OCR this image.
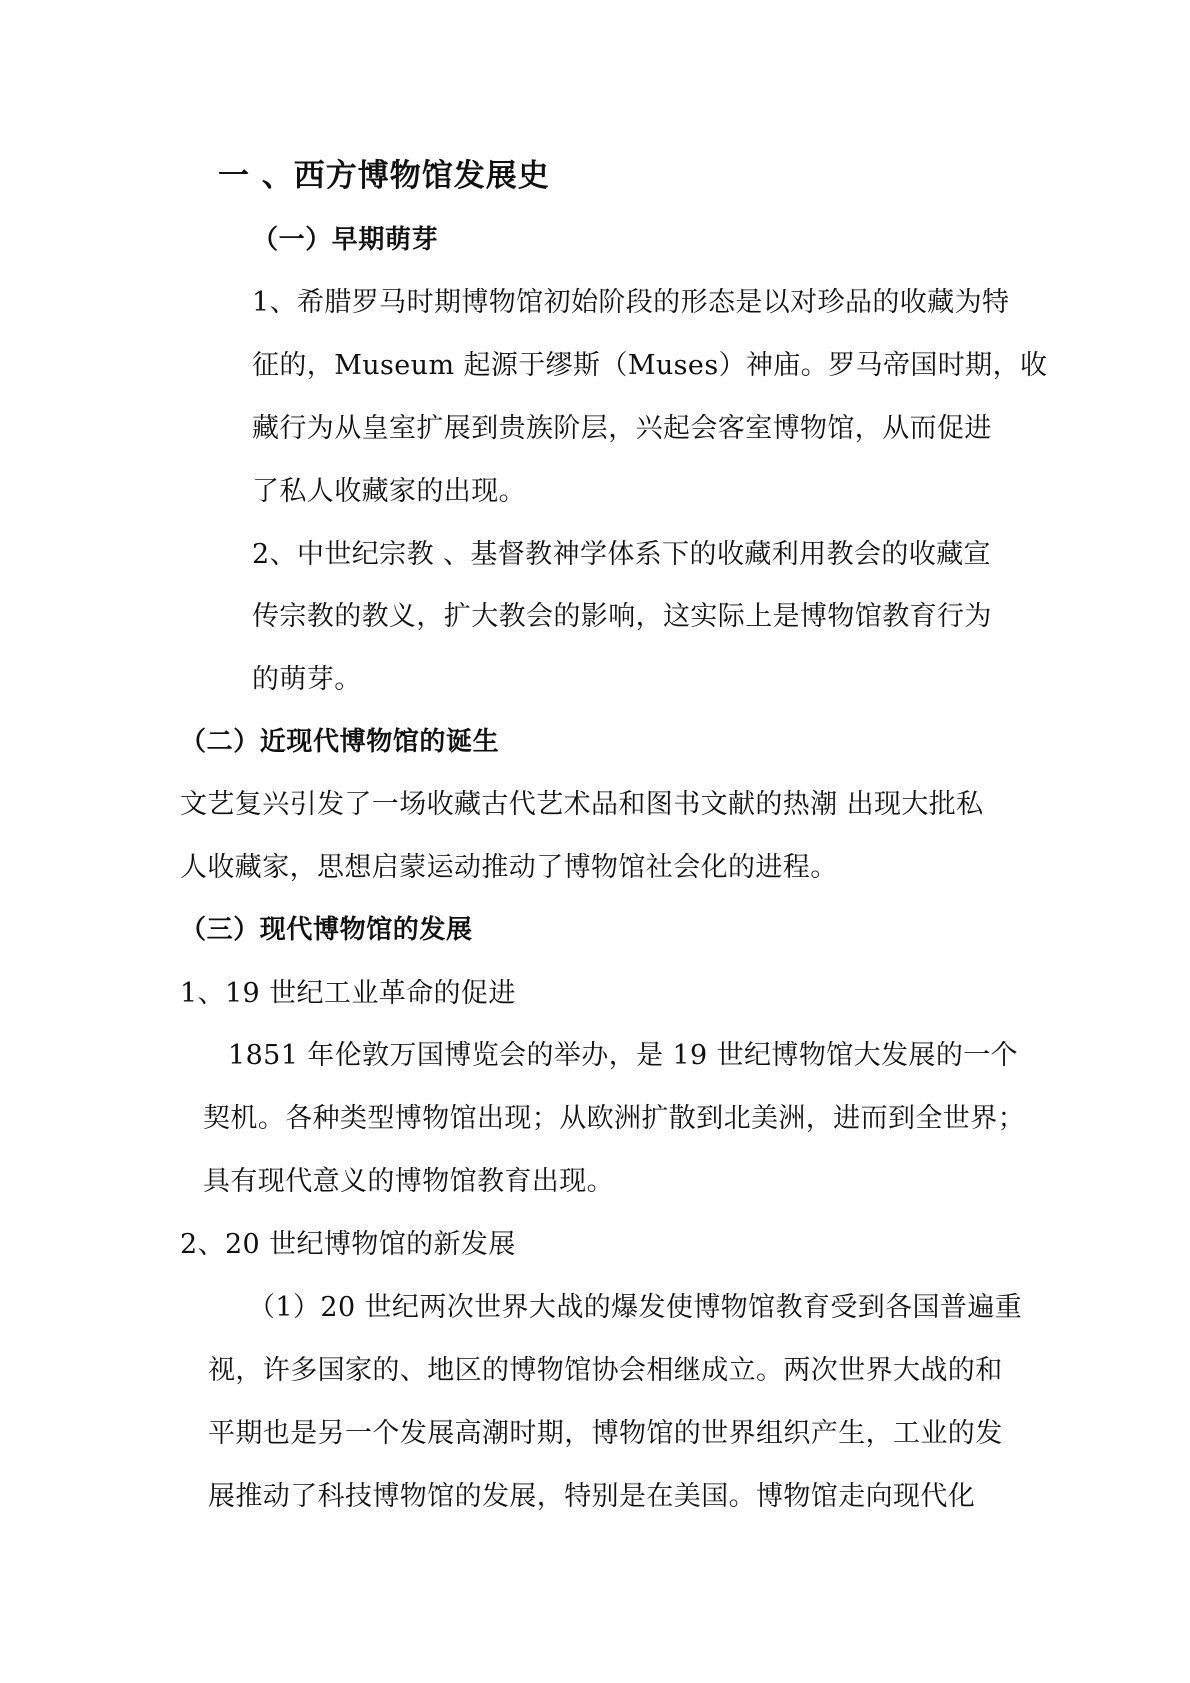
一 、西方博物馆发展史
（一）早期萌芽
1、希腊罗马时期博物馆初始阶段的形态是以对珍品的收藏为特
征的，Museum 起源于缪斯（Muses）神庙。罗马帝国时期，收
藏行为从皇室扩展到贵族阶层，兴起会客室博物馆，从而促进
了私人收藏家的出现。
2、中世纪宗教 、基督教神学体系下的收藏利用教会的收藏宣
传宗教的教义，扩大教会的影响，这实际上是博物馆教育行为
的萌芽。
（二）近现代博物馆的诞生
文艺复兴引发了一场收藏古代艺术品和图书文献的热潮 出现大批私
人收藏家，思想启蒙运动推动了博物馆社会化的进程。
（三）现代博物馆的发展
1、19 世纪工业革命的促进
1851 年伦敦万国博览会的举办，是 19 世纪博物馆大发展的一个
契机。各种类型博物馆出现；从欧洲扩散到北美洲，进而到全世界；
具有现代意义的博物馆教育出现。
2、20 世纪博物馆的新发展
（1）20 世纪两次世界大战的爆发使博物馆教育受到各国普遍重
视，许多国家的、地区的博物馆协会相继成立。两次世界大战的和
平期也是另一个发展高潮时期，博物馆的世界组织产生，工业的发
展推动了科技博物馆的发展，特别是在美国。博物馆走向现代化
